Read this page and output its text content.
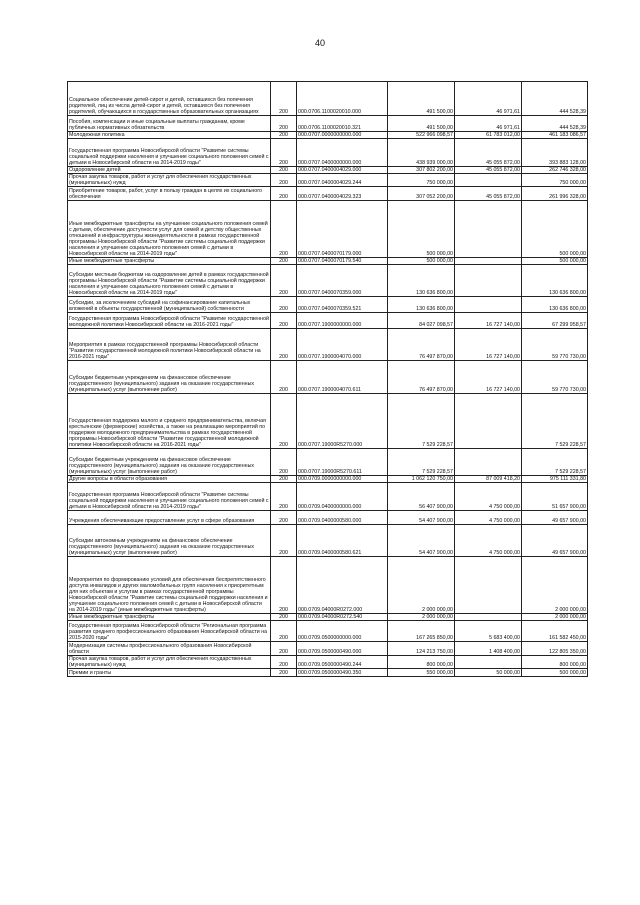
40
Социальное обеспечение детей-сирот и детей, оставшихся без попечения родителей, лиц из числа детей-сирот и детей, оставшихся без попечения родителей, обучающихся в государственных образовательных организациях	200	000.0706.1100020010.000	491 500,00	46 971,61	444 528,39
Пособия, компенсации и иные социальные выплаты гражданам, кроме публичных нормативных обязательств	200	000.0706.1100020010.321	491 500,00	46 971,61	444 528,39
Молодежная политика	200	000.0707.0000000000.000	522 966 098,57	61 783 012,00	461 183 086,57
Государственная программа Новосибирской области "Развитие системы социальной поддержки населения и улучшение социального положения семей с детьми в Новосибирской области на 2014-2019 годы"	200	000.0707.0400000000.000	438 939 000,00	45 055 872,00	393 883 128,00
Оздоровление детей	200	000.0707.0400004029.000	307 802 200,00	45 055 872,00	262 746 328,00
Прочая закупка товаров, работ и услуг для обеспечения государственных (муниципальных) нужд	200	000.0707.0400004029.244	750 000,00		750 000,00
Приобретение товаров, работ, услуг в пользу граждан в целях их социального обеспечения	200	000.0707.0400004029.323	307 052 200,00	45 055 872,00	261 996 328,00
Иные межбюджетные трансферты на улучшение социального положения семей с детьми, обеспечение доступности услуг для семей и детству общественных отношений и инфраструктуры жизнедеятельности в рамках государственной программы Новосибирской области "Развитие системы социальной поддержки населения и улучшение социального положения семей с детьми в Новосибирской области на 2014-2019 годы"	200	000.0707.0400070179.000	500 000,00		500 000,00
Иные межбюджетные трансферты	200	000.0707.0400070179.540	500 000,00		500 000,00
Субсидии местным бюджетам на оздоровление детей в рамках государственной программы Новосибирской области "Развитие системы социальной поддержки населения и улучшение социального положения семей с детьми в Новосибирской области на 2014-2019 годы"	200	000.0707.0400070359.000	130 636 800,00		130 636 800,00
Субсидии, за исключением субсидий на софинансирование капитальных вложений в объекты государственной (муниципальной) собственности	200	000.0707.0400070359.521	130 636 800,00		130 636 800,00
Государственная программа Новосибирской области "Развитие государственной молодежной политики Новосибирской области на 2016-2021 годы"	200	000.0707.1900000000.000	84 027 098,57	16 727 140,00	67 299 958,57
Мероприятия в рамках государственной программы Новосибирской области "Развитие государственной молодежной политики Новосибирской области на 2016-2021 годы"	200	000.0707.1900004070.000	76 497 870,00	16 727 140,00	59 770 730,00
Субсидии бюджетным учреждениям на финансовое обеспечение государственного (муниципального) задания на оказание государственных (муниципальных) услуг (выполнение работ)	200	000.0707.1900004070.611	76 497 870,00	16 727 140,00	59 770 730,00
Государственная поддержка малого и среднего предпринимательства, включая крестьянские (фермерские) хозяйства, а также на реализацию мероприятий по поддержке молодежного предпринимательства в рамках государственной программы Новосибирской области "Развитие государственной молодежной политики Новосибирской области на 2016-2021 годы"	200	000.0707.19000R5270.000	7 529 228,57		7 529 228,57
Субсидии бюджетным учреждениям на финансовое обеспечение государственного (муниципального) задания на оказание государственных (муниципальных) услуг (выполнение работ)	200	000.0707.19000R5270.611	7 529 228,57		7 529 228,57
Другие вопросы в области образования	200	000.0709.0000000000.000	1 062 120 750,00	87 009 418,20	975 111 331,80
Государственная программа Новосибирской области "Развитие системы социальной поддержки населения и улучшение социального положения семей с детьми в Новосибирской области на 2014-2019 годы"	200	000.0709.0400000000.000	56 407 900,00	4 750 000,00	51 657 900,00
Учреждения обеспечивающие предоставление услуг в сфере образования	200	000.0709.0400000580.000	54 407 900,00	4 750 000,00	49 657 900,00
Субсидии автономным учреждениям на финансовое обеспечение государственного (муниципального) задания на оказание государственных (муниципальных) услуг (выполнение работ)	200	000.0709.0400000580.621	54 407 900,00	4 750 000,00	49 657 900,00
Мероприятия по формированию условий для обеспечения беспрепятственного доступа инвалидов и других маломобильных групп населения к приоритетным для них объектам и услугам в рамках государственной программы Новосибирской области "Развитие системы социальной поддержки населения и улучшение социального положения семей с детьми в Новосибирской области на 2014-2019 годы" (иные межбюджетные трансферты)	200	000.0709.04000R0272.000	2 000 000,00		2 000 000,00
Иные межбюджетные трансферты	200	000.0709.04000R0272.540	2 000 000,00		2 000 000,00
Государственная программа Новосибирской области "Региональная программа развития среднего профессионального образования Новосибирской области на 2015-2020 годы"	200	000.0709.0500000000.000	167 265 850,00	5 683 400,00	161 582 450,00
Модернизация системы профессионального образования Новосибирской области	200	000.0709.0500000490.000	124 213 750,00	1 408 400,00	122 805 350,00
Прочая закупка товаров, работ и услуг для обеспечения государственных (муниципальных) нужд	200	000.0709.0500000490.244	800 000,00		800 000,00
Премии и гранты	200	000.0709.0500000490.350	550 000,00	50 000,00	500 000,00
